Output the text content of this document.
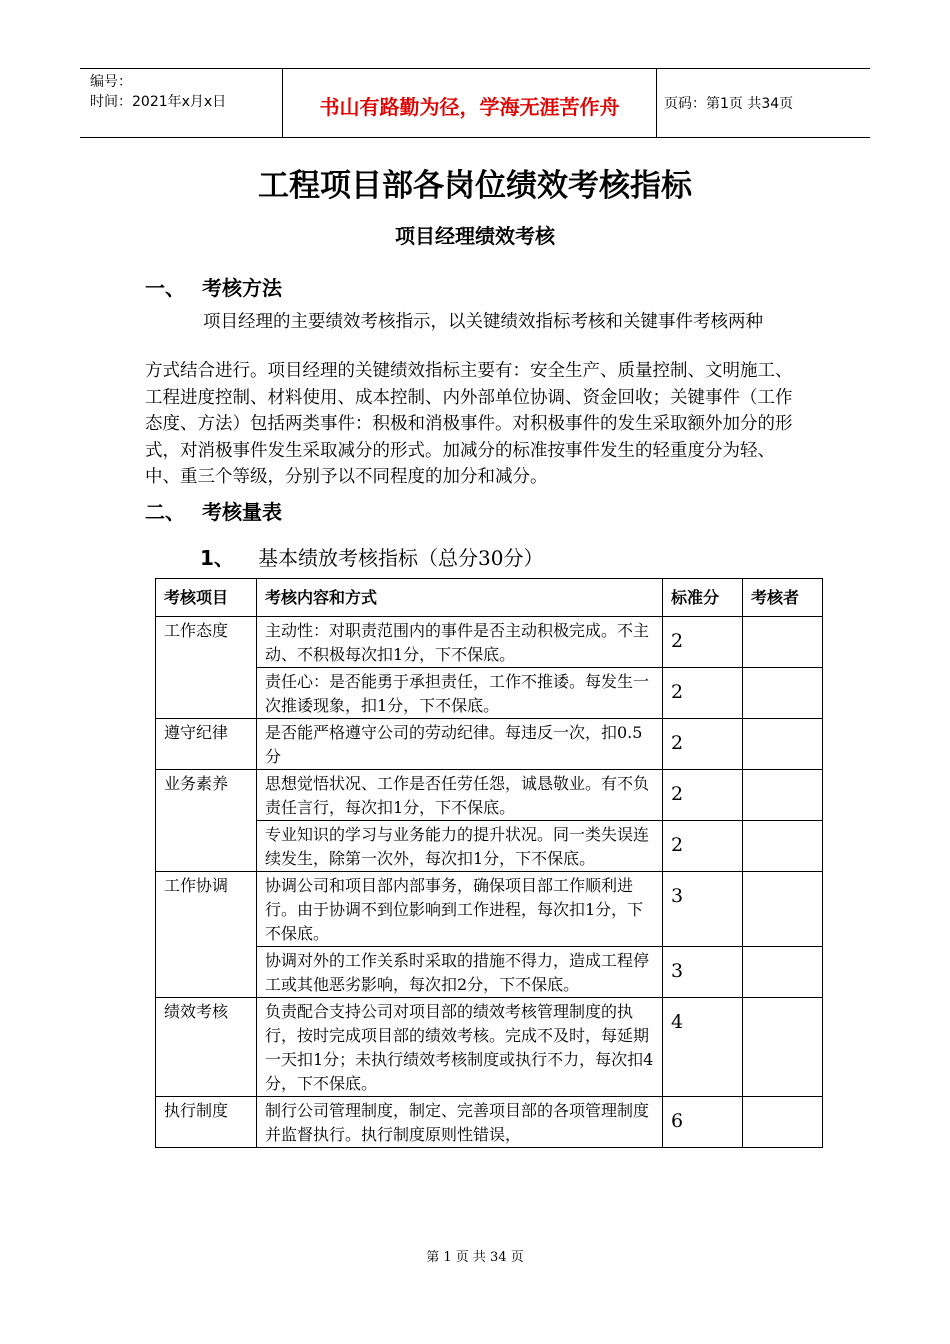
编号：
时间：2021年x月x日	书山有路勤为径，学海无涯苦作舟	页码：第1页 共34页
工程项目部各岗位绩效考核指标
项目经理绩效考核
一、 考核方法
项目经理的主要绩效考核指示，以关键绩效指标考核和关键事件考核两种
方式结合进行。项目经理的关键绩效指标主要有：安全生产、质量控制、文明施工、工程进度控制、材料使用、成本控制、内外部单位协调、资金回收；关键事件（工作态度、方法）包括两类事件：积极和消极事件。对积极事件的发生采取额外加分的形式，对消极事件发生采取减分的形式。加减分的标准按事件发生的轻重度分为轻、中、重三个等级，分别予以不同程度的加分和减分。
二、 考核量表
1、 基本绩放考核指标（总分30分）
考核项目	考核内容和方式	标准分	考核者
工作态度	主动性：对职责范围内的事件是否主动积极完成。不主动、不积极每次扣1分，下不保底。	2	
	责任心：是否能勇于承担责任，工作不推诿。每发生一次推诿现象，扣1分，下不保底。	2	
遵守纪律	是否能严格遵守公司的劳动纪律。每违反一次，扣0.5分	2	
业务素养	思想觉悟状况、工作是否任劳任怨，诚恳敬业。有不负责任言行，每次扣1分，下不保底。	2	
	专业知识的学习与业务能力的提升状况。同一类失误连续发生，除第一次外，每次扣1分，下不保底。	2	
工作协调	协调公司和项目部内部事务，确保项目部工作顺利进行。由于协调不到位影响到工作进程，每次扣1分，下不保底。	3	
	协调对外的工作关系时采取的措施不得力，造成工程停工或其他恶劣影响，每次扣2分，下不保底。	3	
绩效考核	负责配合支持公司对项目部的绩效考核管理制度的执行，按时完成项目部的绩效考核。完成不及时，每延期一天扣1分；未执行绩效考核制度或执行不力，每次扣4分，下不保底。	4	
执行制度	制行公司管理制度，制定、完善项目部的各项管理制度并监督执行。执行制度原则性错误，	6	
第 1 页 共 34 页
